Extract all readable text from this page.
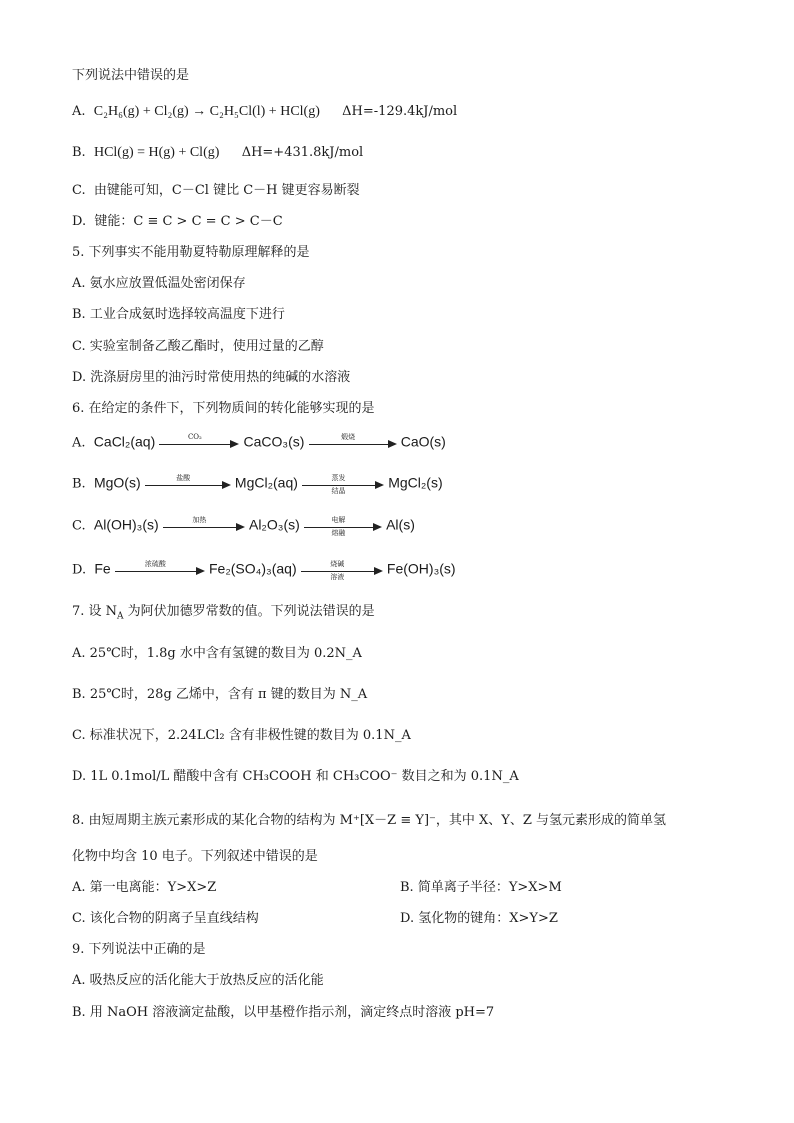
下列说法中错误的是
A. C₂H₆(g) + Cl₂(g) → C₂H₅Cl(l) + HCl(g) ΔH=-129.4kJ/mol
B. HCl(g) = H(g) + Cl(g) ΔH=+431.8kJ/mol
C. 由键能可知，C－Cl 键比 C－H 键更容易断裂
D. 键能：C ≡ C > C = C > C－C
5. 下列事实不能用勒夏特勒原理解释的是
A. 氨水应放置低温处密闭保存
B. 工业合成氨时选择较高温度下进行
C. 实验室制备乙酸乙酯时，使用过量的乙醇
D. 洗涤厨房里的油污时常使用热的纯碱的水溶液
6. 在给定的条件下，下列物质间的转化能够实现的是
A. CaCl₂(aq)	CO₂	CaCO₃(s)	煅烧	CaO(s)
B. MgO(s)	盐酸	MgCl₂(aq)	蒸发
结晶
MgCl₂(s)
C. Al(OH)₃(s)	加热	Al₂O₃(s)	电解
熔融
Al(s)
D. Fe	浓硫酸	Fe₂(SO₄)₃(aq)	烧碱
溶液
Fe(OH)₃(s)
7. 设 $N_A$ 为阿伏加德罗常数的值。下列说法错误的是
A. 25℃时，1.8g 水中含有氢键的数目为 0.2N_A
B. 25℃时，28g 乙烯中，含有 π 键的数目为 N_A
C. 标准状况下，2.24LCl₂ 含有非极性键的数目为 0.1N_A
D. 1L 0.1mol/L 醋酸中含有 CH₃COOH 和 CH₃COO⁻ 数目之和为 0.1N_A
8. 由短周期主族元素形成的某化合物的结构为 M⁺[X－Z ≡ Y]⁻，其中 X、Y、Z 与氢元素形成的简单氢
化物中均含 10 电子。下列叙述中错误的是
A. 第一电离能：Y>X>Z	B. 简单离子半径：Y>X>M
C. 该化合物的阴离子呈直线结构	D. 氢化物的键角：X>Y>Z
9. 下列说法中正确的是
A. 吸热反应的活化能大于放热反应的活化能
B. 用 NaOH 溶液滴定盐酸，以甲基橙作指示剂，滴定终点时溶液 pH=7
